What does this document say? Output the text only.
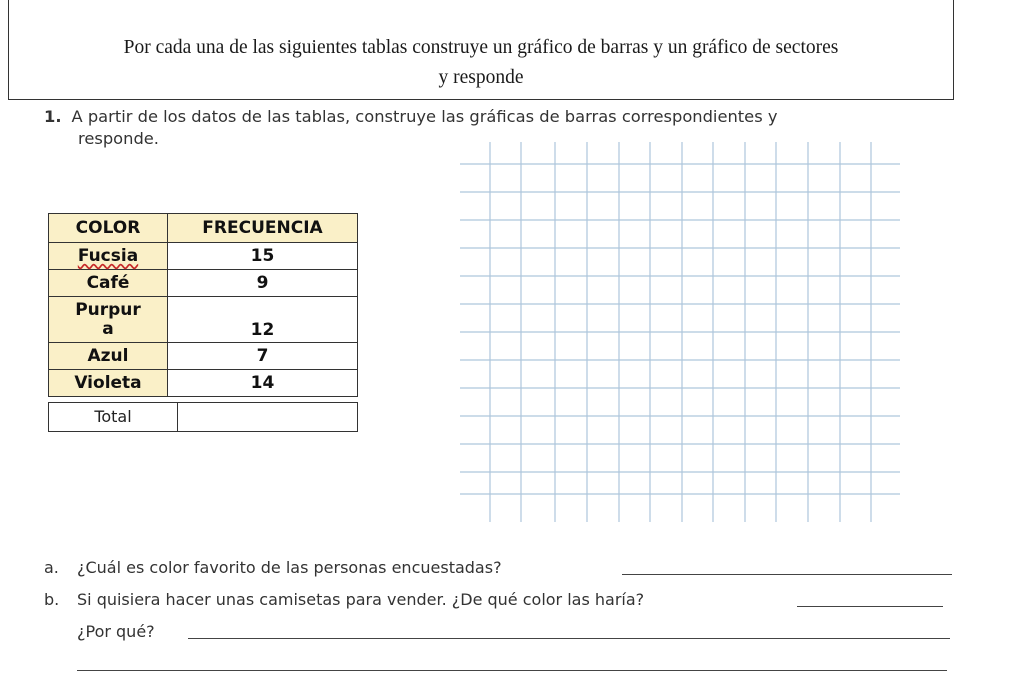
Por cada una de las siguientes tablas construye un gráfico de barras y un gráfico de sectores
y responde
1. A partir de los datos de las tablas, construye las gráficas de barras correspondientes y
responde.
COLOR	FRECUENCIA
Fucsia	15
Café	9
Purpur
a	12
Azul	7
Violeta	14
Total
a. ¿Cuál es color favorito de las personas encuestadas?
b. Si quisiera hacer unas camisetas para vender. ¿De qué color las haría?
¿Por qué?
